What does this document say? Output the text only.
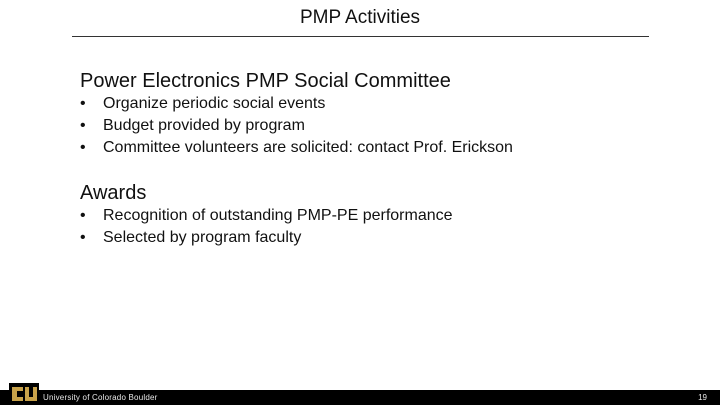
PMP Activities
Power Electronics PMP Social Committee
• Organize periodic social events
• Budget provided by program
• Committee volunteers are solicited: contact Prof. Erickson
Awards
• Recognition of outstanding PMP-PE performance
• Selected by program faculty
University of Colorado Boulder	19
